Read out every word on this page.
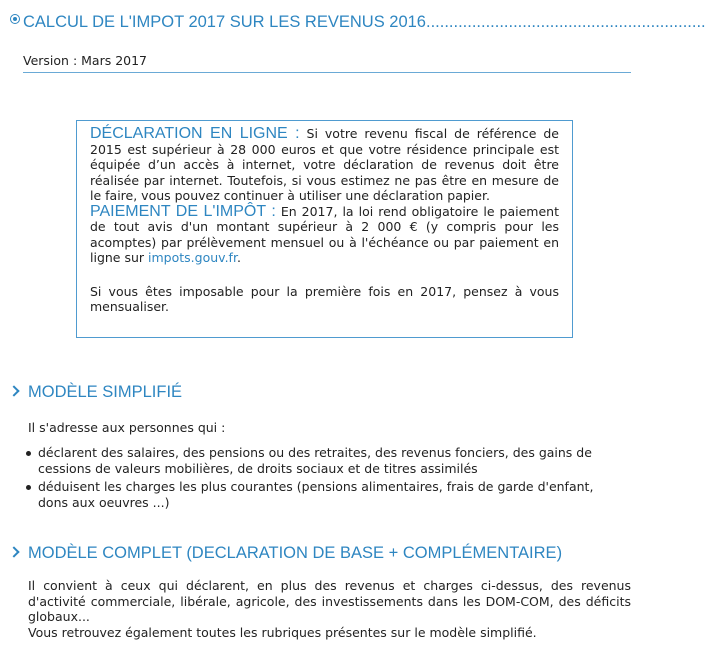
CALCUL DE L'IMPOT 2017 SUR LES REVENUS 2016.............................................................
Version : Mars 2017

DÉCLARATION EN LIGNE : Si votre revenu fiscal de référence de 2015 est supérieur à 28 000 euros et que votre résidence principale est équipée d’un accès à internet, votre déclaration de revenus doit être réalisée par internet. Toutefois, si vous estimez ne pas être en mesure de le faire, vous pouvez continuer à utiliser une déclaration papier.

PAIEMENT DE L'IMPÔT : En 2017, la loi rend obligatoire le paiement de tout avis d'un montant supérieur à 2 000 € (y compris pour les acomptes) par prélèvement mensuel ou à l'échéance ou par paiement en ligne sur impots.gouv.fr.

Si vous êtes imposable pour la première fois en 2017, pensez à vous mensualiser.

MODÈLE SIMPLIFIÉ
Il s'adresse aux personnes qui :
déclarent des salaires, des pensions ou des retraites, des revenus fonciers, des gains de cessions de valeurs mobilières, de droits sociaux et de titres assimilés
déduisent les charges les plus courantes (pensions alimentaires, frais de garde d'enfant, dons aux oeuvres ...)
MODÈLE COMPLET (DECLARATION DE BASE + COMPLÉMENTAIRE)
Il convient à ceux qui déclarent, en plus des revenus et charges ci-dessus, des revenus d'activité commerciale, libérale, agricole, des investissements dans les DOM-COM, des déficits globaux...
Vous retrouvez également toutes les rubriques présentes sur le modèle simplifié.
